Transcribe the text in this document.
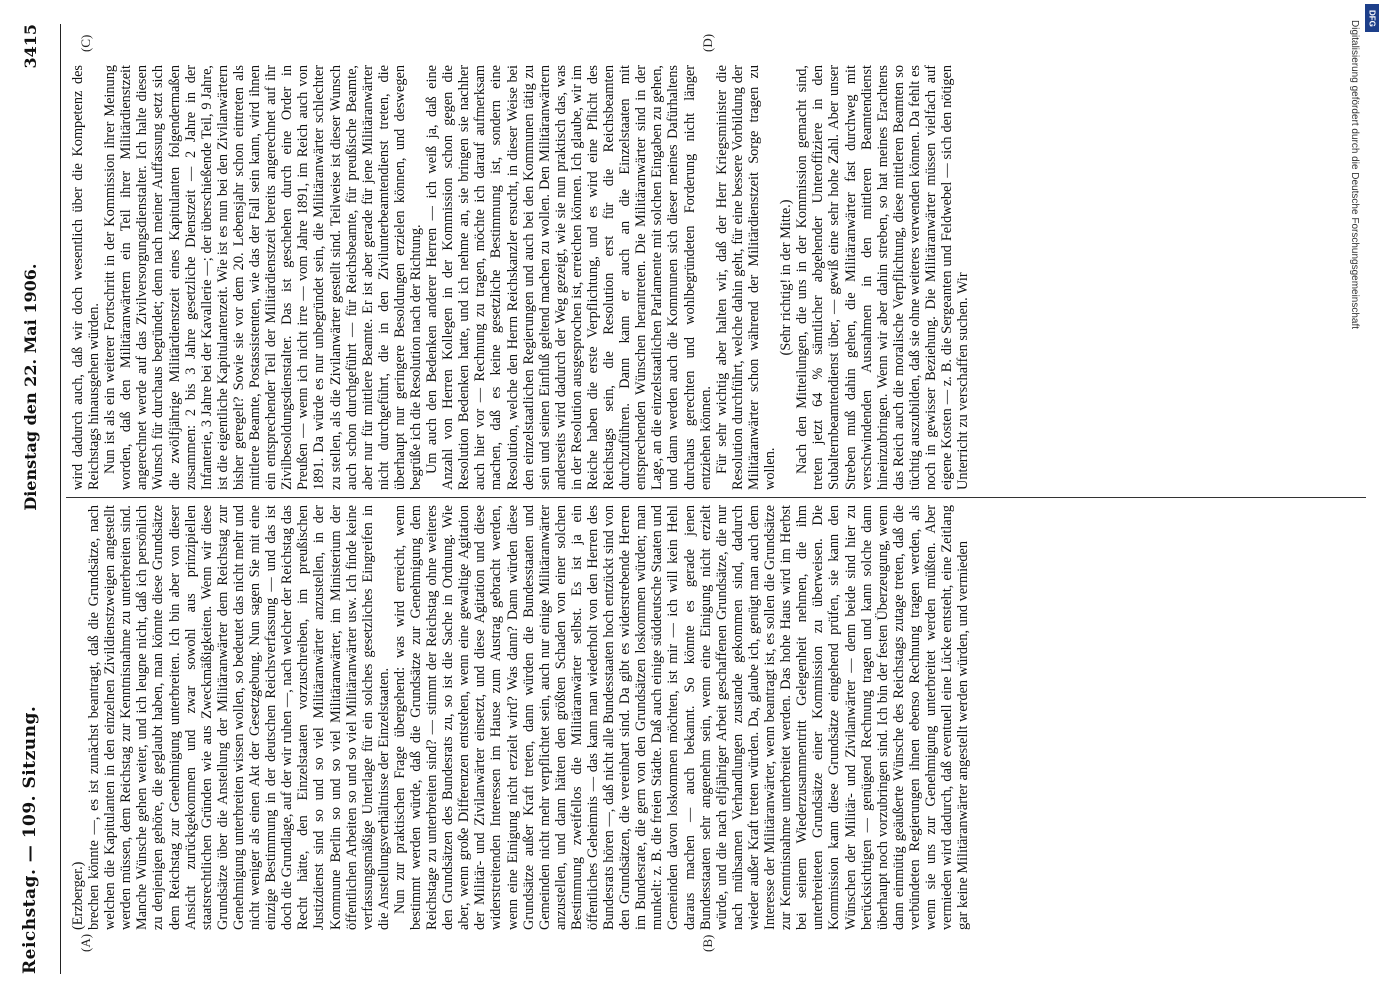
Reichstag. — 109. Sitzung.
Dienstag den 22. Mai 1906.
3415
(A)	(B)
(C)	(D)

(Erzberger.) brechen könnte —, es ist zunächst beantragt, daß die Grundsätze, nach welchen die Kapitulanten in den einzelnen Zivildienstzweigen angestellt werden müssen, dem Reichstag zur Kenntnisnahme zu unterbreiten sind. Manche Wünsche gehen weiter, und ich leugne nicht, daß ich persönlich zu denjenigen gehöre, die geglaubt haben, man könnte diese Grundsätze dem Reichstag zur Genehmigung unterbreiten. Ich bin aber von dieser Ansicht zurückgekommen und zwar sowohl aus prinzipiellen staatsrechtlichen Gründen wie aus Zweckmäßigkeiten. Wenn wir diese Grundsätze über die Anstellung der Militäranwärter dem Reichstag zur Genehmigung unterbreiten wissen wollen, so bedeutet das nicht mehr und nicht weniger als einen Akt der Gesetzgebung. Nun sagen Sie mit eine einzige Bestimmung in der deutschen Reichsverfassung — und das ist doch die Grundlage, auf der wir ruhen —, nach welcher der Reichstag das Recht hätte, den Einzelstaaten vorzuschreiben, im preußischen Justizdienst sind so und so viel Militäranwärter anzustellen, in der Kommune Berlin so und so viel Militäranwärter, im Ministerium der öffentlichen Arbeiten so und so viel Militäranwärter usw. Ich finde keine verfassungsmäßige Unterlage für ein solches gesetzliches Eingreifen in die Anstellungsverhältnisse der Einzelstaaten. Nun zur praktischen Frage übergehend: was wird erreicht, wenn bestimmt werden würde, daß die Grundsätze zur Genehmigung dem Reichstage zu unterbreiten sind? — stimmt der Reichstag ohne weiteres den Grundsätzen des Bundesrats zu, so ist die Sache in Ordnung. Wie aber, wenn große Differenzen entstehen, wenn eine gewaltige Agitation der Militär- und Zivilanwärter einsetzt, und diese Agitation und diese widerstreitenden Interessen im Hause zum Austrag gebracht werden, wenn eine Einigung nicht erzielt wird? Was dann? Dann würden diese Grundsätze außer Kraft treten, dann würden die Bundesstaaten und Gemeinden nicht mehr verpflichtet sein, auch nur einige Militäranwärter anzustellen, und dann hätten den größten Schaden von einer solchen Bestimmung zweifellos die Militäranwärter selbst. Es ist ja ein öffentliches Geheimnis — das kann man wiederholt von den Herren des Bundesrats hören —, daß nicht alle Bundesstaaten hoch entzückt sind von den Grundsätzen, die vereinbart sind. Da gibt es widerstrebende Herren im Bundesrate, die gern von den Grundsätzen loskommen würden; man munkelt: z. B. die freien Städte. Daß auch einige süddeutsche Staaten und Gemeinden davon loskommen möchten, ist mir — ich will kein Hehl daraus machen — auch bekannt. So könnte es gerade jenen Bundesstaaten sehr angenehm sein, wenn eine Einigung nicht erzielt würde, und die nach elfjähriger Arbeit geschaffenen Grundsätze, die nur nach mühsamen Verhandlungen zustande gekommen sind, dadurch wieder außer Kraft treten würden. Da, glaube ich, genügt man auch dem Interesse der Militäranwärter, wenn beantragt ist, es sollen die Grundsätze zur Kenntnisnahme unterbreitet werden. Das hohe Haus wird im Herbst bei seinem Wiederzusammentritt Gelegenheit nehmen, die ihm unterbreiteten Grundsätze einer Kommission zu überweisen. Die Kommission kann diese Grundsätze eingehend prüfen, sie kann den Wünschen der Militär- und Zivilanwärter — denn beide sind hier zu berücksichtigen — genügend Rechnung tragen und kann solche dann überhaupt noch vorzubringen sind. Ich bin der festen Überzeugung, wenn dann einmütig geäußerte Wünsche des Reichstags zutage treten, daß die verbündeten Regierungen ihnen ebenso Rechnung tragen werden, als wenn sie uns zur Genehmigung unterbreitet werden müßten. Aber vermieden wird dadurch, daß eventuell eine Lücke entsteht, eine Zeitlang gar keine Militäranwärter angestellt werden würden, und vermieden

wird dadurch auch, daß wir doch wesentlich über die Kompetenz des Reichstags hinausgehen würden. Nun ist als ein weiterer Fortschritt in der Kommission ihrer Meinung worden, daß den Militäranwärtern ein Teil ihrer Militärdienstzeit angerechnet werde auf das Zivilversorgungsdienstalter. Ich halte diesen Wunsch für durchaus begründet; denn nach meiner Auffassung setzt sich die zwölfjährige Militärdienstzeit eines Kapitulanten folgendermaßen zusammen: 2 bis 3 Jahre gesetzliche Dienstzeit — 2 Jahre in der Infanterie, 3 Jahre bei der Kavallerie —; der überschießende Teil, 9 Jahre, ist die eigentliche Kapitulantenzeit. Wie ist es nun bei den Zivilanwärtern bisher geregelt? Sowie sie vor dem 20. Lebensjahr schon eintreten als mittlere Beamte, Postassistenten, wie das der Fall sein kann, wird ihnen ein entsprechender Teil der Militärdienstzeit bereits angerechnet auf ihr Zivilbesoldungsdienstalter. Das ist geschehen durch eine Order in Preußen — wenn ich nicht irre — vom Jahre 1891, im Reich auch von 1891. Da würde es nur unbegründet sein, die Militäranwärter schlechter zu stellen, als die Zivilanwärter gestellt sind. Teilweise ist dieser Wunsch auch schon durchgeführt — für Reichsbeamte, für preußische Beamte, aber nur für mittlere Beamte. Er ist aber gerade für jene Militäranwärter nicht durchgeführt, die in den Zivilunterbeamtendienst treten, die überhaupt nur geringere Besoldungen erzielen können, und deswegen begrüße ich die Resolution nach der Richtung. Um auch den Bedenken anderer Herren — ich weiß ja, daß eine Anzahl von Herren Kollegen in der Kommission schon gegen die Resolution Bedenken hatte, und ich nehme an, sie bringen sie nachher auch hier vor — Rechnung zu tragen, möchte ich darauf aufmerksam machen, daß es keine gesetzliche Bestimmung ist, sondern eine Resolution, welche den Herrn Reichskanzler ersucht, in dieser Weise bei den einzelstaatlichen Regierungen und auch bei den Kommunen tätig zu sein und seinen Einfluß geltend machen zu wollen. Den Militäranwärtern anderseits wird dadurch der Weg gezeigt, wie sie nun praktisch das, was in der Resolution ausgesprochen ist, erreichen können. Ich glaube, wir im Reiche haben die erste Verpflichtung, und es wird eine Pflicht des Reichstags sein, die Resolution erst für die Reichsbeamten durchzuführen. Dann kann er auch an die Einzelstaaten mit entsprechenden Wünschen herantreten. Die Militäranwärter sind in der Lage, an die einzelstaatlichen Parlamente mit solchen Eingaben zu gehen, und dann werden auch die Kommunen sich dieser meines Dafürhaltens durchaus gerechten und wohlbegründeten Forderung nicht länger entziehen können. Für sehr wichtig aber halten wir, daß der Herr Kriegsminister die Resolution durchführt, welche dahin geht, für eine bessere Vorbildung der Militäranwärter schon während der Militärdienstzeit Sorge tragen zu wollen.

(Sehr richtig! in der Mitte.) Nach den Mitteilungen, die uns in der Kommission gemacht sind, treten jetzt 64 % sämtlicher abgehender Unteroffiziere in den Subalternbeamtendienst über, — gewiß eine sehr hohe Zahl. Aber unser Streben muß dahin gehen, die Militäranwärter fast durchweg mit verschwindenden Ausnahmen in den mittleren Beamtendienst hineinzubringen. Wenn wir aber dahin streben, so hat meines Erachtens das Reich auch die moralische Verpflichtung, diese mittleren Beamten so tüchtig auszubilden, daß sie ohne weiteres verwenden können. Da fehlt es noch in gewisser Beziehung. Die Militäranwärter müssen vielfach auf eigene Kosten — z. B. die Sergeanten und Feldwebel — sich den nötigen Unterricht zu verschaffen suchen. Wir

DFG
Digitalisierung gefördert durch die Deutsche Forschungsgemeinschaft
